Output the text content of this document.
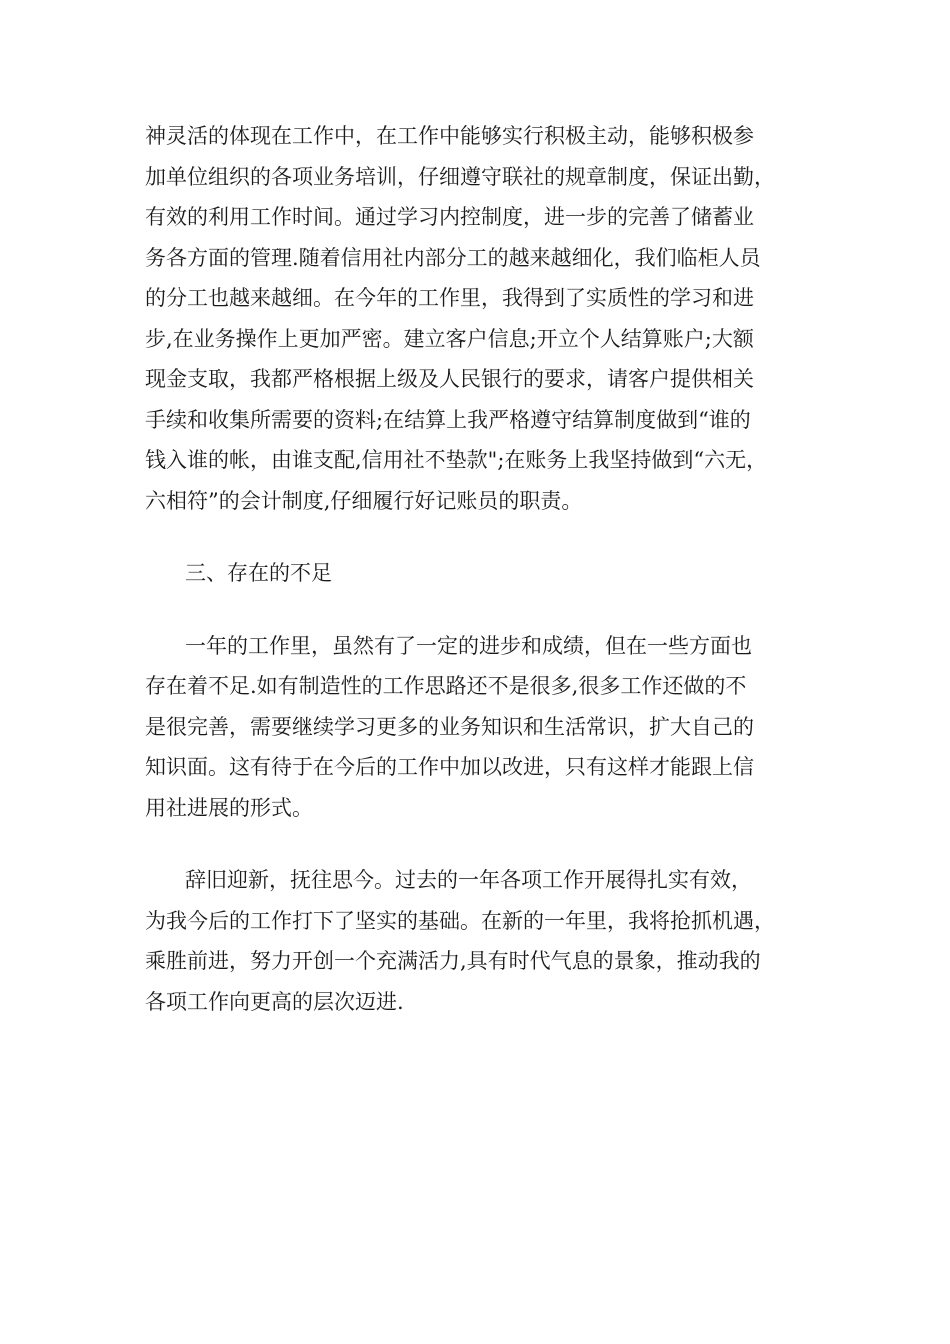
神灵活的体现在工作中，在工作中能够实行积极主动，能够积极参
加单位组织的各项业务培训，仔细遵守联社的规章制度，保证出勤，
有效的利用工作时间。通过学习内控制度，进一步的完善了储蓄业
务各方面的管理.随着信用社内部分工的越来越细化，我们临柜人员
的分工也越来越细。在今年的工作里，我得到了实质性的学习和进
步,在业务操作上更加严密。建立客户信息;开立个人结算账户;大额
现金支取，我都严格根据上级及人民银行的要求，请客户提供相关
手续和收集所需要的资料;在结算上我严格遵守结算制度做到“谁的
钱入谁的帐，由谁支配,信用社不垫款";在账务上我坚持做到“六无，
六相符”的会计制度,仔细履行好记账员的职责。
三、存在的不足
一年的工作里，虽然有了一定的进步和成绩，但在一些方面也
存在着不足.如有制造性的工作思路还不是很多,很多工作还做的不
是很完善，需要继续学习更多的业务知识和生活常识，扩大自己的
知识面。这有待于在今后的工作中加以改进，只有这样才能跟上信
用社进展的形式。
辞旧迎新，抚往思今。过去的一年各项工作开展得扎实有效，
为我今后的工作打下了坚实的基础。在新的一年里，我将抢抓机遇，
乘胜前进，努力开创一个充满活力,具有时代气息的景象，推动我的
各项工作向更高的层次迈进.
